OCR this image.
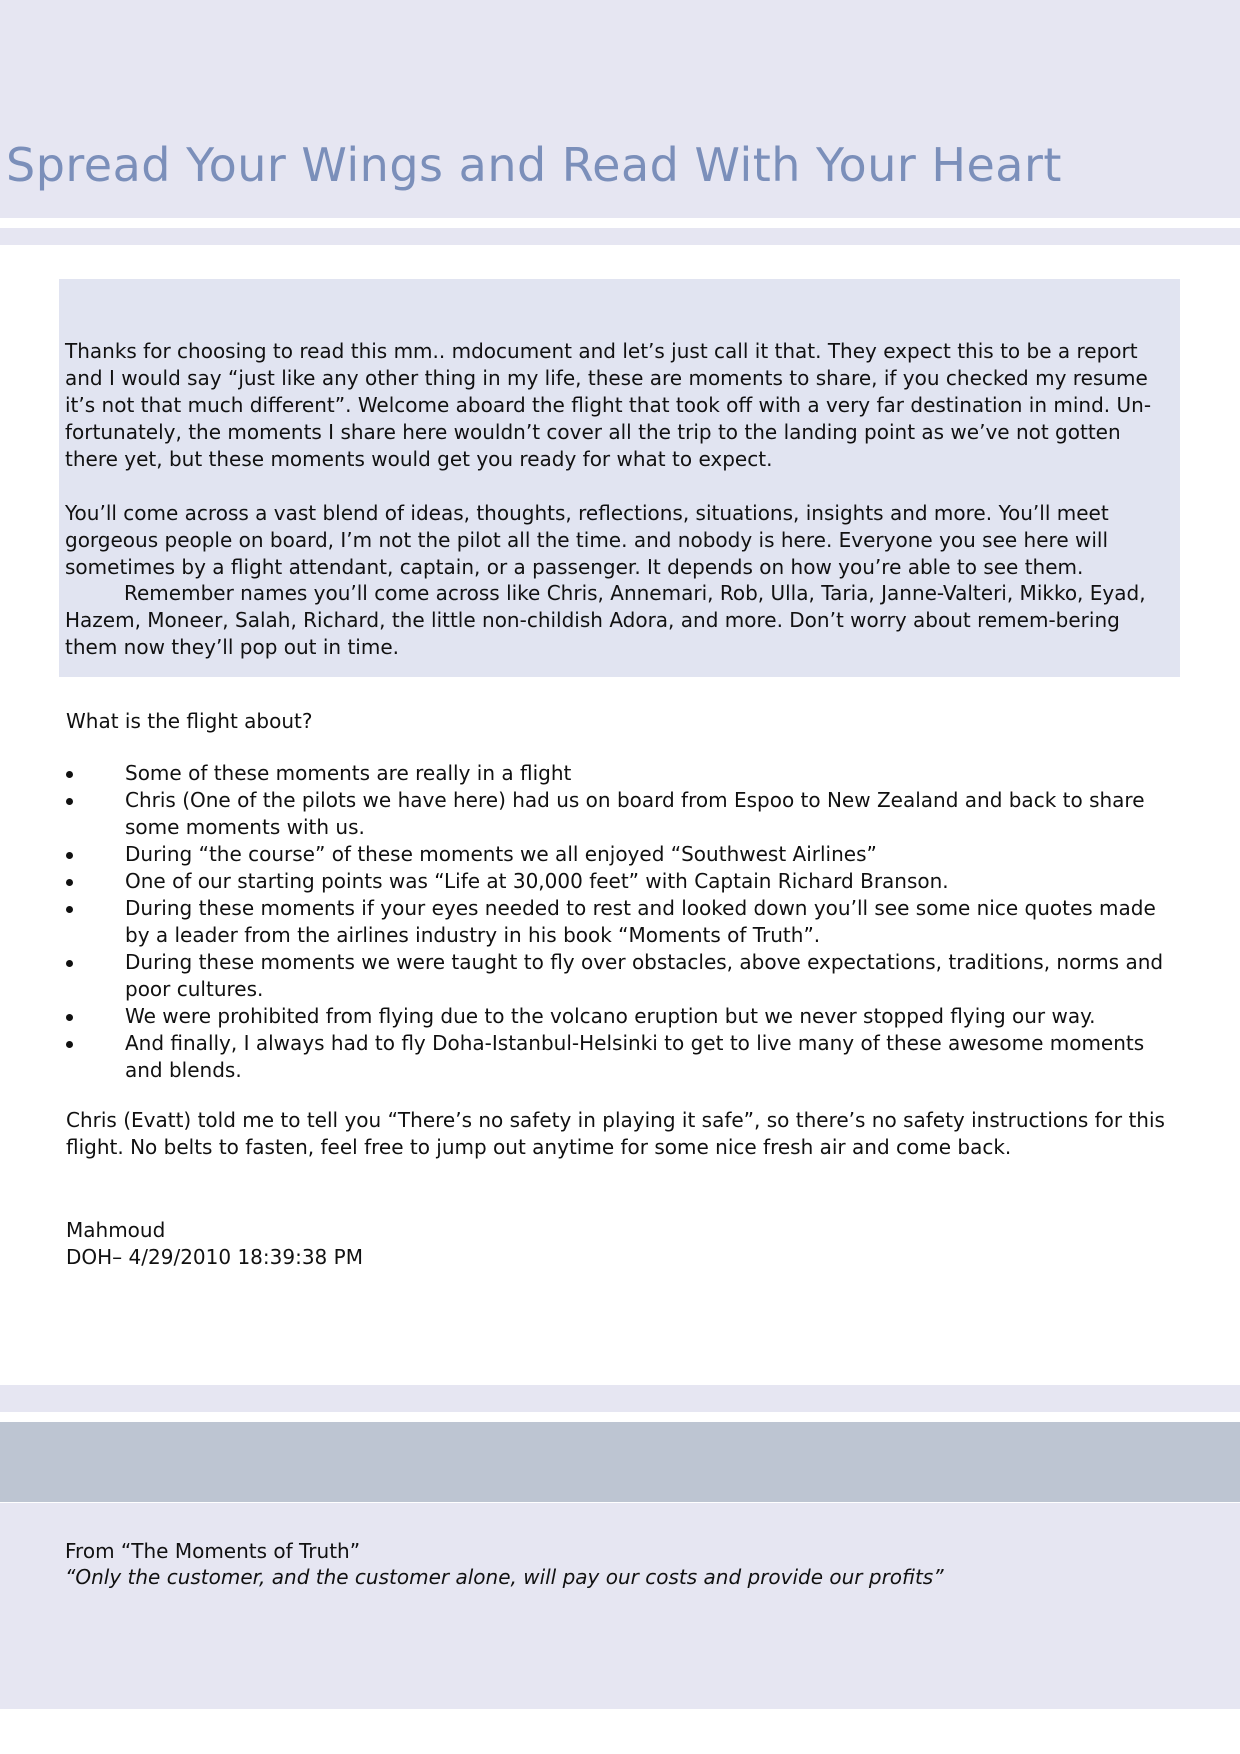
Spread Your Wings and Read With Your Heart

Thanks for choosing to read this mm.. mdocument and let’s just call it that. They expect this to be a report and I would say “just like any other thing in my life, these are moments to share, if you checked my resume it’s not that much different”. Welcome aboard the flight that took off with a very far destination in mind. Un-fortunately, the moments I share here wouldn’t cover all the trip to the landing point as we’ve not gotten there yet, but these moments would get you ready for what to expect.

You’ll come across a vast blend of ideas, thoughts, reflections, situations, insights and more. You’ll meet gorgeous people on board, I’m not the pilot all the time. and nobody is here. Everyone you see here will sometimes by a flight attendant, captain, or a passenger. It depends on how you’re able to see them.

Remember names you’ll come across like Chris, Annemari, Rob, Ulla, Taria, Janne-Valteri, Mikko, Eyad, Hazem, Moneer, Salah, Richard, the little non-childish Adora, and more. Don’t worry about remem-bering them now they’ll pop out in time.

What is the flight about?

Some of these moments are really in a flight
Chris (One of the pilots we have here) had us on board from Espoo to New Zealand and back to share some moments with us.
During “the course” of these moments we all enjoyed “Southwest Airlines”
One of our starting points was “Life at 30,000 feet” with Captain Richard Branson.
During these moments if your eyes needed to rest and looked down you’ll see some nice quotes made by a leader from the airlines industry in his book “Moments of Truth”.
During these moments we were taught to fly over obstacles, above expectations, traditions, norms and poor cultures.
We were prohibited from flying due to the volcano eruption but we never stopped flying our way.
And finally, I always had to fly Doha-Istanbul-Helsinki to get to live many of these awesome moments and blends.

Chris (Evatt) told me to tell you “There’s no safety in playing it safe”, so there’s no safety instructions for this flight. No belts to fasten, feel free to jump out anytime for some nice fresh air and come back.

Mahmoud

DOH– 4/29/2010 18:39:38 PM

From “The Moments of Truth”

“Only the customer, and the customer alone, will pay our costs and provide our profits”
